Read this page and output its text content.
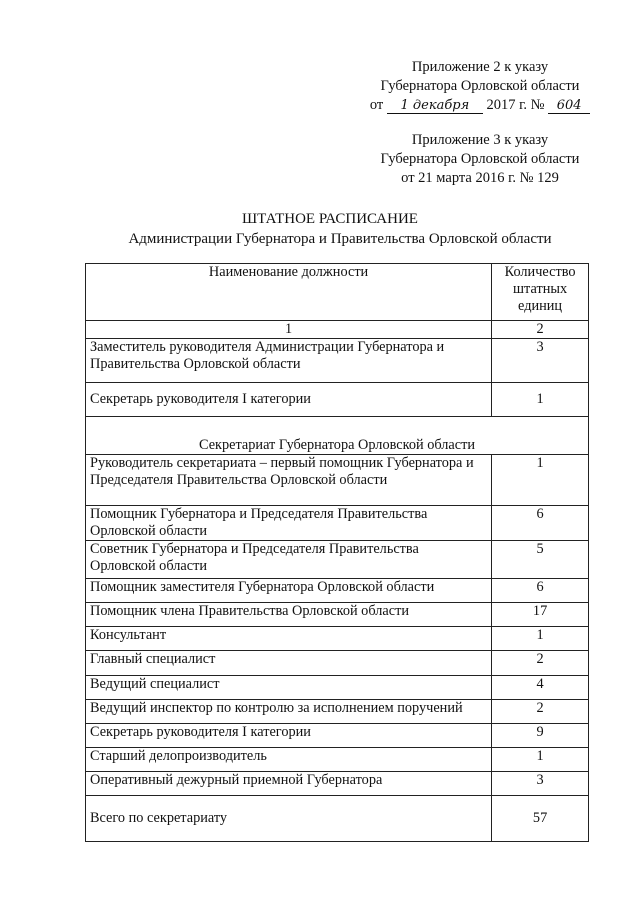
Приложение 2 к указу
Губернатора Орловской области
от 1 декабря 2017 г. № 604
Приложение 3 к указу
Губернатора Орловской области
от 21 марта 2016 г. № 129
ШТАТНОЕ РАСПИСАНИЕ
Администрации Губернатора и Правительства Орловской области
Наименование должности	Количество штатных единиц
1	2
Заместитель руководителя Администрации Губернатора и Правительства Орловской области	3
Секретарь руководителя I категории	1
Секретариат Губернатора Орловской области	
Руководитель секретариата – первый помощник Губернатора и Председателя Правительства Орловской области	1
Помощник Губернатора и Председателя Правительства Орловской области	6
Советник Губернатора и Председателя Правительства Орловской области	5
Помощник заместителя Губернатора Орловской области	6
Помощник члена Правительства Орловской области	17
Консультант	1
Главный специалист	2
Ведущий специалист	4
Ведущий инспектор по контролю за исполнением поручений	2
Секретарь руководителя I категории	9
Старший делопроизводитель	1
Оперативный дежурный приемной Губернатора	3
Всего по секретариату	57
